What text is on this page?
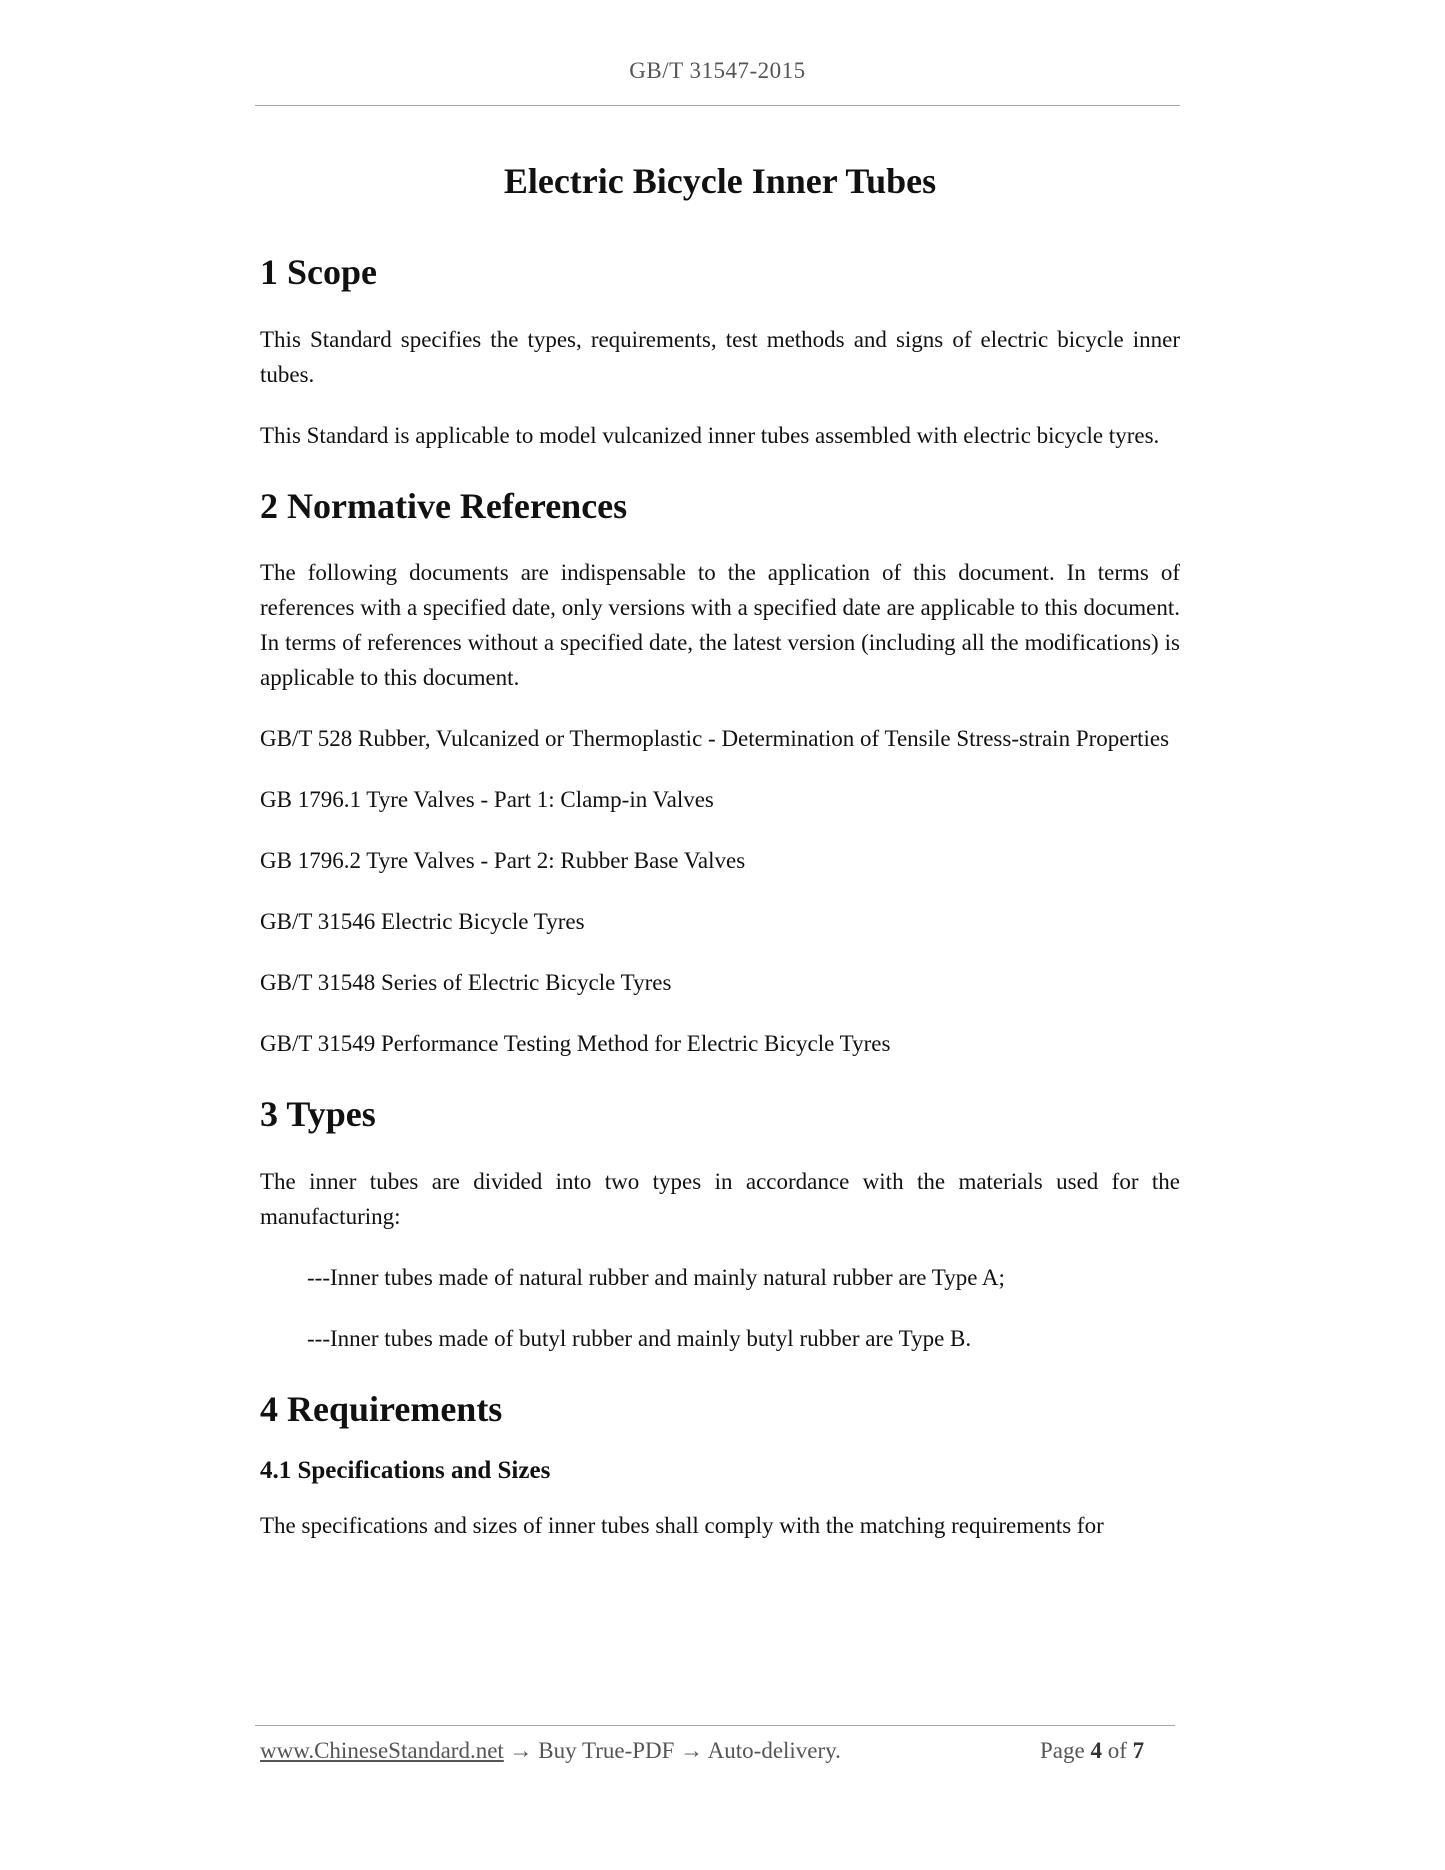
GB/T 31547-2015
Electric Bicycle Inner Tubes
1 Scope

This Standard specifies the types, requirements, test methods and signs of electric bicycle inner tubes.

This Standard is applicable to model vulcanized inner tubes assembled with electric bicycle tyres.

2 Normative References

The following documents are indispensable to the application of this document. In terms of references with a specified date, only versions with a specified date are applicable to this document. In terms of references without a specified date, the latest version (including all the modifications) is applicable to this document.

GB/T 528 Rubber, Vulcanized or Thermoplastic - Determination of Tensile Stress-strain Properties

GB 1796.1 Tyre Valves - Part 1: Clamp-in Valves

GB 1796.2 Tyre Valves - Part 2: Rubber Base Valves

GB/T 31546 Electric Bicycle Tyres

GB/T 31548 Series of Electric Bicycle Tyres

GB/T 31549 Performance Testing Method for Electric Bicycle Tyres

3 Types

The inner tubes are divided into two types in accordance with the materials used for the manufacturing:

---Inner tubes made of natural rubber and mainly natural rubber are Type A;

---Inner tubes made of butyl rubber and mainly butyl rubber are Type B.

4 Requirements
4.1 Specifications and Sizes

The specifications and sizes of inner tubes shall comply with the matching requirements for

www.ChineseStandard.net → Buy True-PDF → Auto-delivery.	Page 4 of 7
